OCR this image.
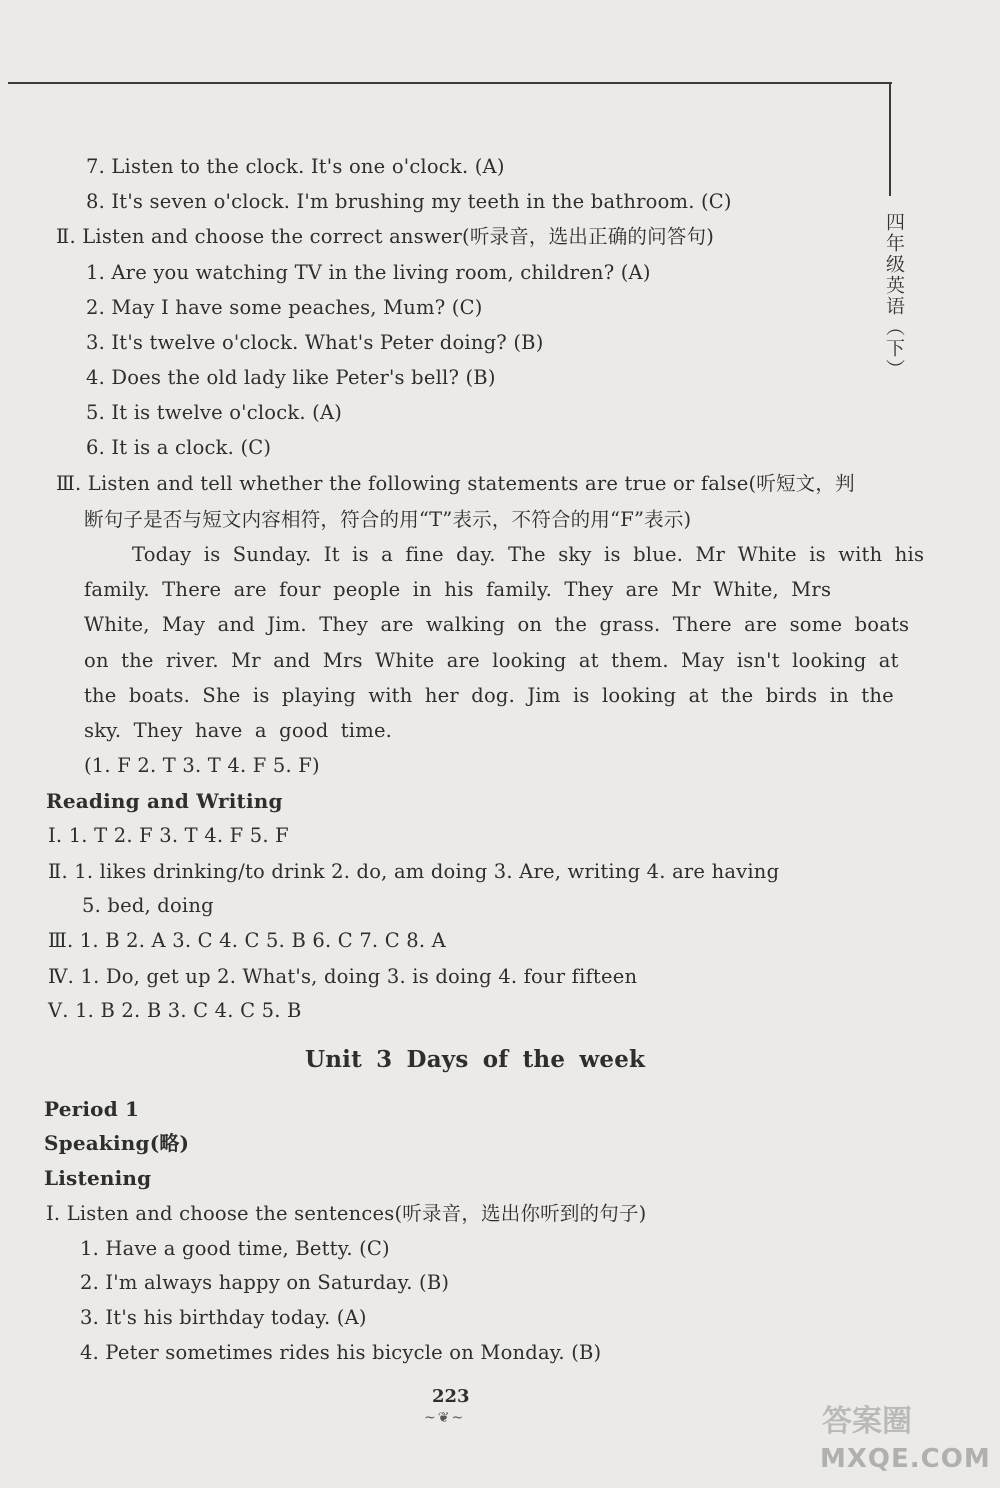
四年级英语（下）
7. Listen to the clock. It's one o'clock. (A)
8. It's seven o'clock. I'm brushing my teeth in the bathroom. (C)
Ⅱ. Listen and choose the correct answer(听录音，选出正确的问答句)
1. Are you watching TV in the living room, children? (A)
2. May I have some peaches, Mum? (C)
3. It's twelve o'clock. What's Peter doing? (B)
4. Does the old lady like Peter's bell? (B)
5. It is twelve o'clock. (A)
6. It is a clock. (C)
Ⅲ. Listen and tell whether the following statements are true or false(听短文，判
断句子是否与短文内容相符，符合的用“T”表示，不符合的用“F”表示)
Today is Sunday. It is a fine day. The sky is blue. Mr White is with his
family. There are four people in his family. They are Mr White, Mrs
White, May and Jim. They are walking on the grass. There are some boats
on the river. Mr and Mrs White are looking at them. May isn't looking at
the boats. She is playing with her dog. Jim is looking at the birds in the
sky. They have a good time.
(1. F 2. T 3. T 4. F 5. F)
Reading and Writing
Ⅰ. 1. T 2. F 3. T 4. F 5. F
Ⅱ. 1. likes drinking/to drink 2. do, am doing 3. Are, writing 4. are having
5. bed, doing
Ⅲ. 1. B 2. A 3. C 4. C 5. B 6. C 7. C 8. A
Ⅳ. 1. Do, get up 2. What's, doing 3. is doing 4. four fifteen
Ⅴ. 1. B 2. B 3. C 4. C 5. B
Unit 3 Days of the week
Period 1
Speaking(略)
Listening
Ⅰ. Listen and choose the sentences(听录音，选出你听到的句子)
1. Have a good time, Betty. (C)
2. I'm always happy on Saturday. (B)
3. It's his birthday today. (A)
4. Peter sometimes rides his bicycle on Monday. (B)
223
~❦~	答案圈
MXQE.COM
